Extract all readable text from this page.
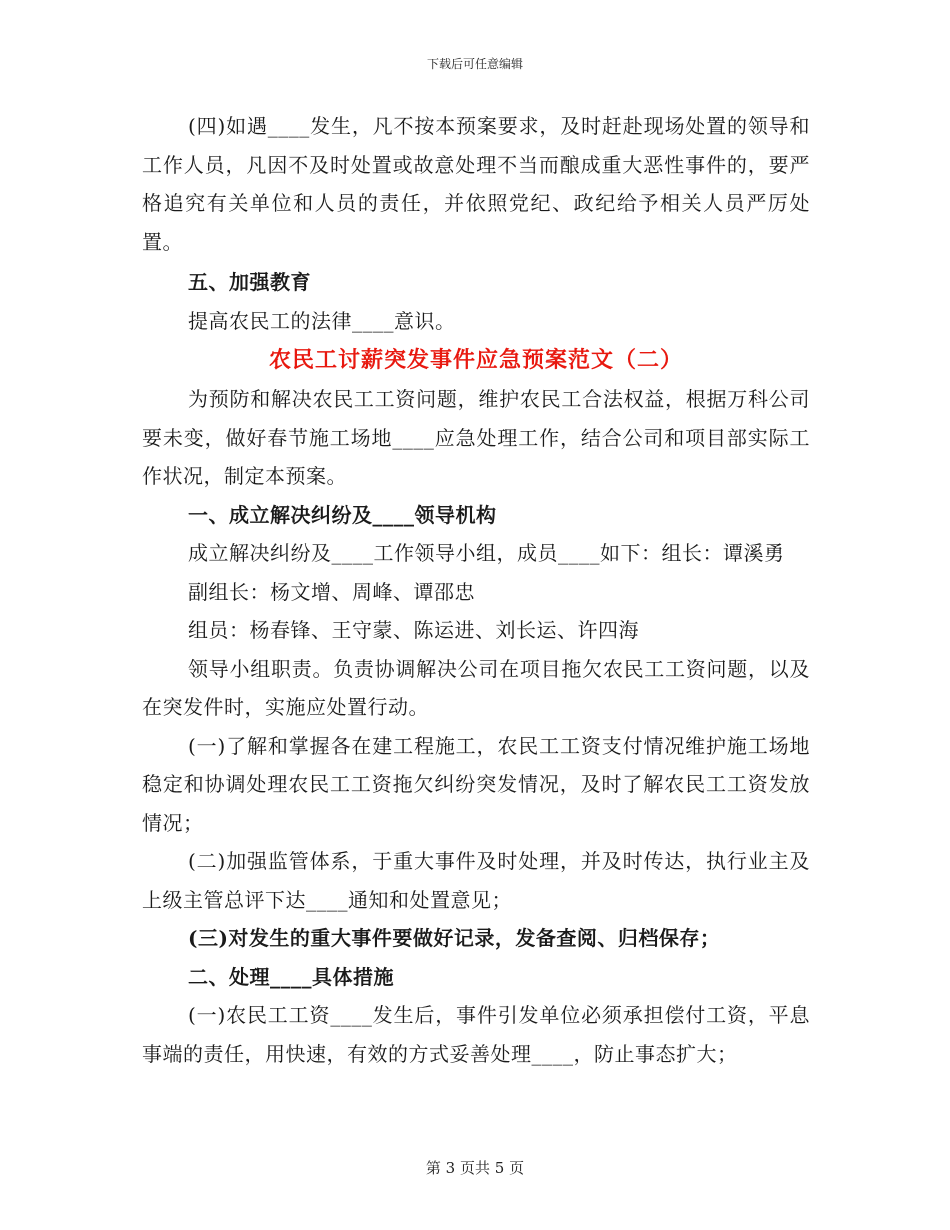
下载后可任意编辑

(四)如遇____发生，凡不按本预案要求，及时赶赴现场处置的领导和工作人员，凡因不及时处置或故意处理不当而酿成重大恶性事件的，要严格追究有关单位和人员的责任，并依照党纪、政纪给予相关人员严厉处置。

五、加强教育

提高农民工的法律____意识。

农民工讨薪突发事件应急预案范文（二）

为预防和解决农民工工资问题，维护农民工合法权益，根据万科公司要未变，做好春节施工场地____应急处理工作，结合公司和项目部实际工作状况，制定本预案。

一、成立解决纠纷及____领导机构

成立解决纠纷及____工作领导小组，成员____如下：组长：谭溪勇

副组长：杨文增、周峰、谭邵忠

组员：杨春锋、王守蒙、陈运进、刘长运、许四海

领导小组职责。负责协调解决公司在项目拖欠农民工工资问题，以及在突发件时，实施应处置行动。

(一)了解和掌握各在建工程施工，农民工工资支付情况维护施工场地稳定和协调处理农民工工资拖欠纠纷突发情况，及时了解农民工工资发放情况；

(二)加强监管体系，于重大事件及时处理，并及时传达，执行业主及上级主管总评下达____通知和处置意见；

(三)对发生的重大事件要做好记录，发备查阅、归档保存；

二、处理____具体措施

(一)农民工工资____发生后，事件引发单位必须承担偿付工资，平息事端的责任，用快速，有效的方式妥善处理____，防止事态扩大；

第 3 页共 5 页
